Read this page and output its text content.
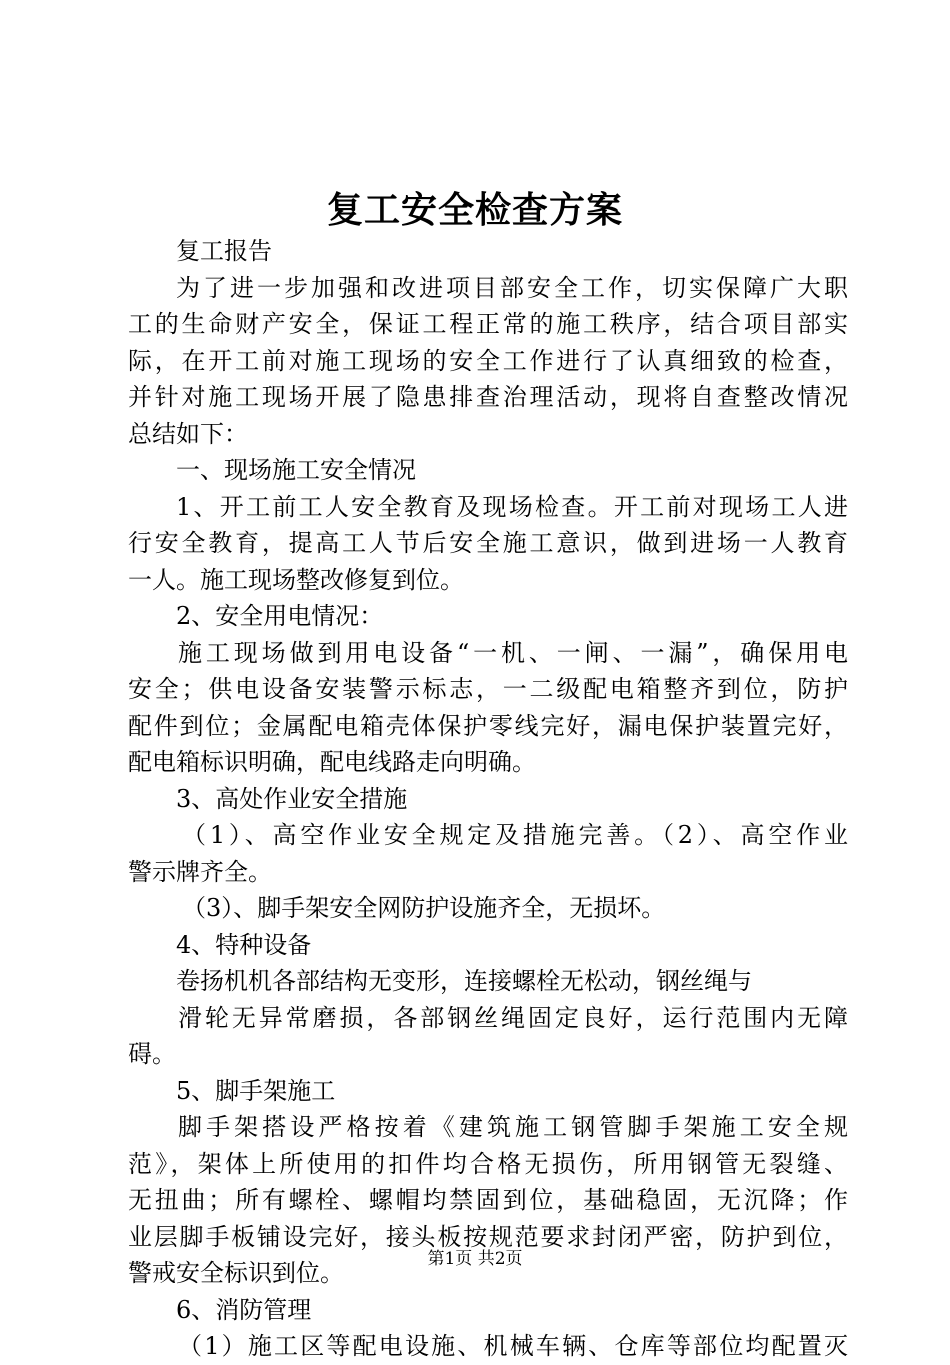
复工安全检查方案
复工报告
为了进一步加强和改进项目部安全工作，切实保障广大职
工的生命财产安全，保证工程正常的施工秩序，结合项目部实
际，在开工前对施工现场的安全工作进行了认真细致的检查，
并针对施工现场开展了隐患排查治理活动，现将自查整改情况
总结如下：
一、现场施工安全情况
1、开工前工人安全教育及现场检查。开工前对现场工人进
行安全教育，提高工人节后安全施工意识，做到进场一人教育
一人。施工现场整改修复到位。
2、安全用电情况：
施工现场做到用电设备“一机、一闸、一漏”，确保用电
安全；供电设备安装警示标志，一二级配电箱整齐到位，防护
配件到位；金属配电箱壳体保护零线完好，漏电保护装置完好，
配电箱标识明确，配电线路走向明确。
3、高处作业安全措施
（1）、高空作业安全规定及措施完善。（2）、高空作业
警示牌齐全。
（3）、脚手架安全网防护设施齐全，无损坏。
4、特种设备
卷扬机机各部结构无变形，连接螺栓无松动，钢丝绳与
滑轮无异常磨损，各部钢丝绳固定良好，运行范围内无障
碍。
5、脚手架施工
脚手架搭设严格按着《建筑施工钢管脚手架施工安全规
范》，架体上所使用的扣件均合格无损伤，所用钢管无裂缝、
无扭曲；所有螺栓、螺帽均禁固到位，基础稳固，无沉降；作
业层脚手板铺设完好，接头板按规范要求封闭严密，防护到位，
警戒安全标识到位。
6、消防管理
（1）施工区等配电设施、机械车辆、仓库等部位均配置灭

第1页 共2页
